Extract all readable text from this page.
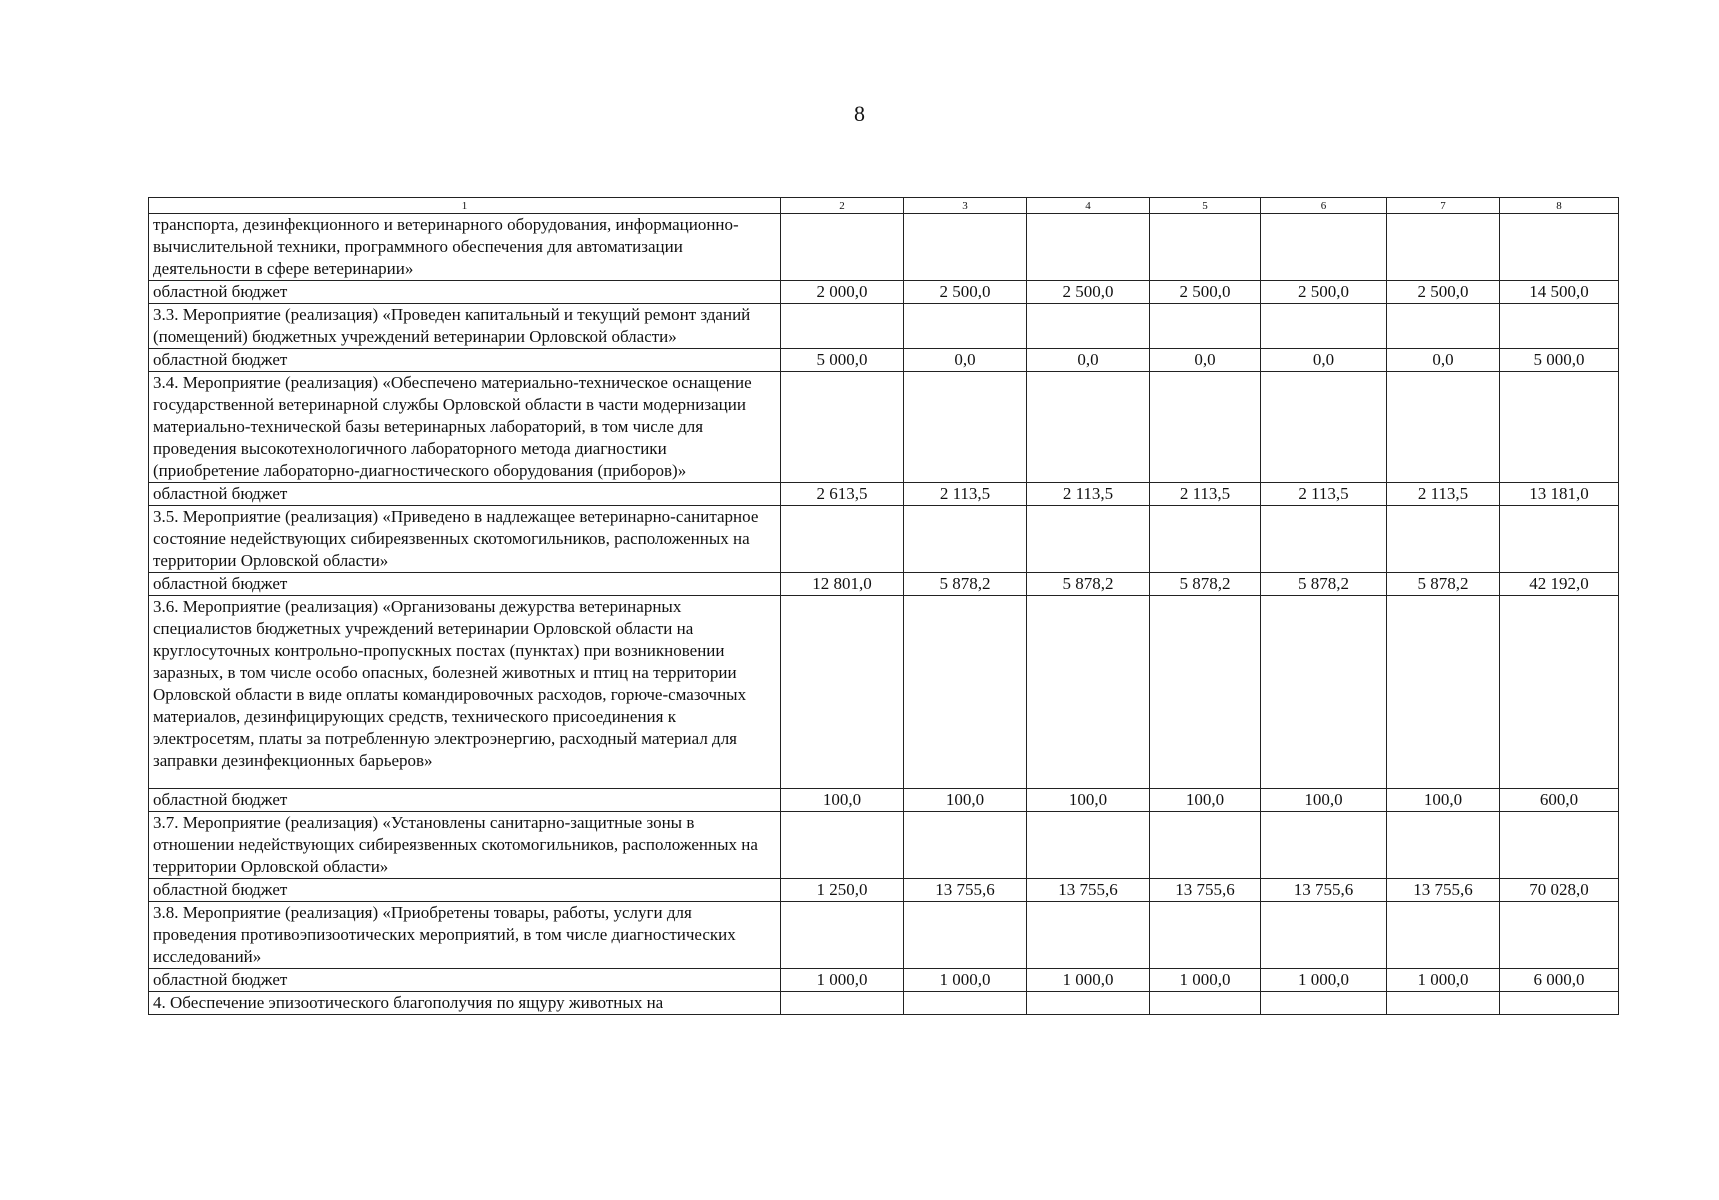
8
1	2	3	4	5	6	7	8
транспорта, дезинфекционного и ветеринарного оборудования, информационно-вычислительной техники, программного обеспечения для автоматизации деятельности в сфере ветеринарии»							
областной бюджет	2 000,0	2 500,0	2 500,0	2 500,0	2 500,0	2 500,0	14 500,0
3.3. Мероприятие (реализация) «Проведен капитальный и текущий ремонт зданий (помещений) бюджетных учреждений ветеринарии Орловской области»							
областной бюджет	5 000,0	0,0	0,0	0,0	0,0	0,0	5 000,0
3.4. Мероприятие (реализация) «Обеспечено материально-техническое оснащение государственной ветеринарной службы Орловской области в части модернизации материально-технической базы ветеринарных лабораторий, в том числе для проведения высокотехнологичного лабораторного метода диагностики (приобретение лабораторно-диагностического оборудования (приборов)»							
областной бюджет	2 613,5	2 113,5	2 113,5	2 113,5	2 113,5	2 113,5	13 181,0
3.5. Мероприятие (реализация) «Приведено в надлежащее ветеринарно-санитарное состояние недействующих сибиреязвенных скотомогильников, расположенных на территории Орловской области»							
областной бюджет	12 801,0	5 878,2	5 878,2	5 878,2	5 878,2	5 878,2	42 192,0
3.6. Мероприятие (реализация) «Организованы дежурства ветеринарных специалистов бюджетных учреждений ветеринарии Орловской области на круглосуточных контрольно-пропускных постах (пунктах) при возникновении заразных, в том числе особо опасных, болезней животных и птиц на территории Орловской области в виде оплаты командировочных расходов, горюче-смазочных материалов, дезинфицирующих средств, технического присоединения к электросетям, платы за потребленную электроэнергию, расходный материал для заправки дезинфекционных барьеров»							
областной бюджет	100,0	100,0	100,0	100,0	100,0	100,0	600,0
3.7. Мероприятие (реализация) «Установлены санитарно-защитные зоны в отношении недействующих сибиреязвенных скотомогильников, расположенных на территории Орловской области»							
областной бюджет	1 250,0	13 755,6	13 755,6	13 755,6	13 755,6	13 755,6	70 028,0
3.8. Мероприятие (реализация) «Приобретены товары, работы, услуги для проведения противоэпизоотических мероприятий, в том числе диагностических исследований»							
областной бюджет	1 000,0	1 000,0	1 000,0	1 000,0	1 000,0	1 000,0	6 000,0
4. Обеспечение эпизоотического благополучия по ящуру животных на							
